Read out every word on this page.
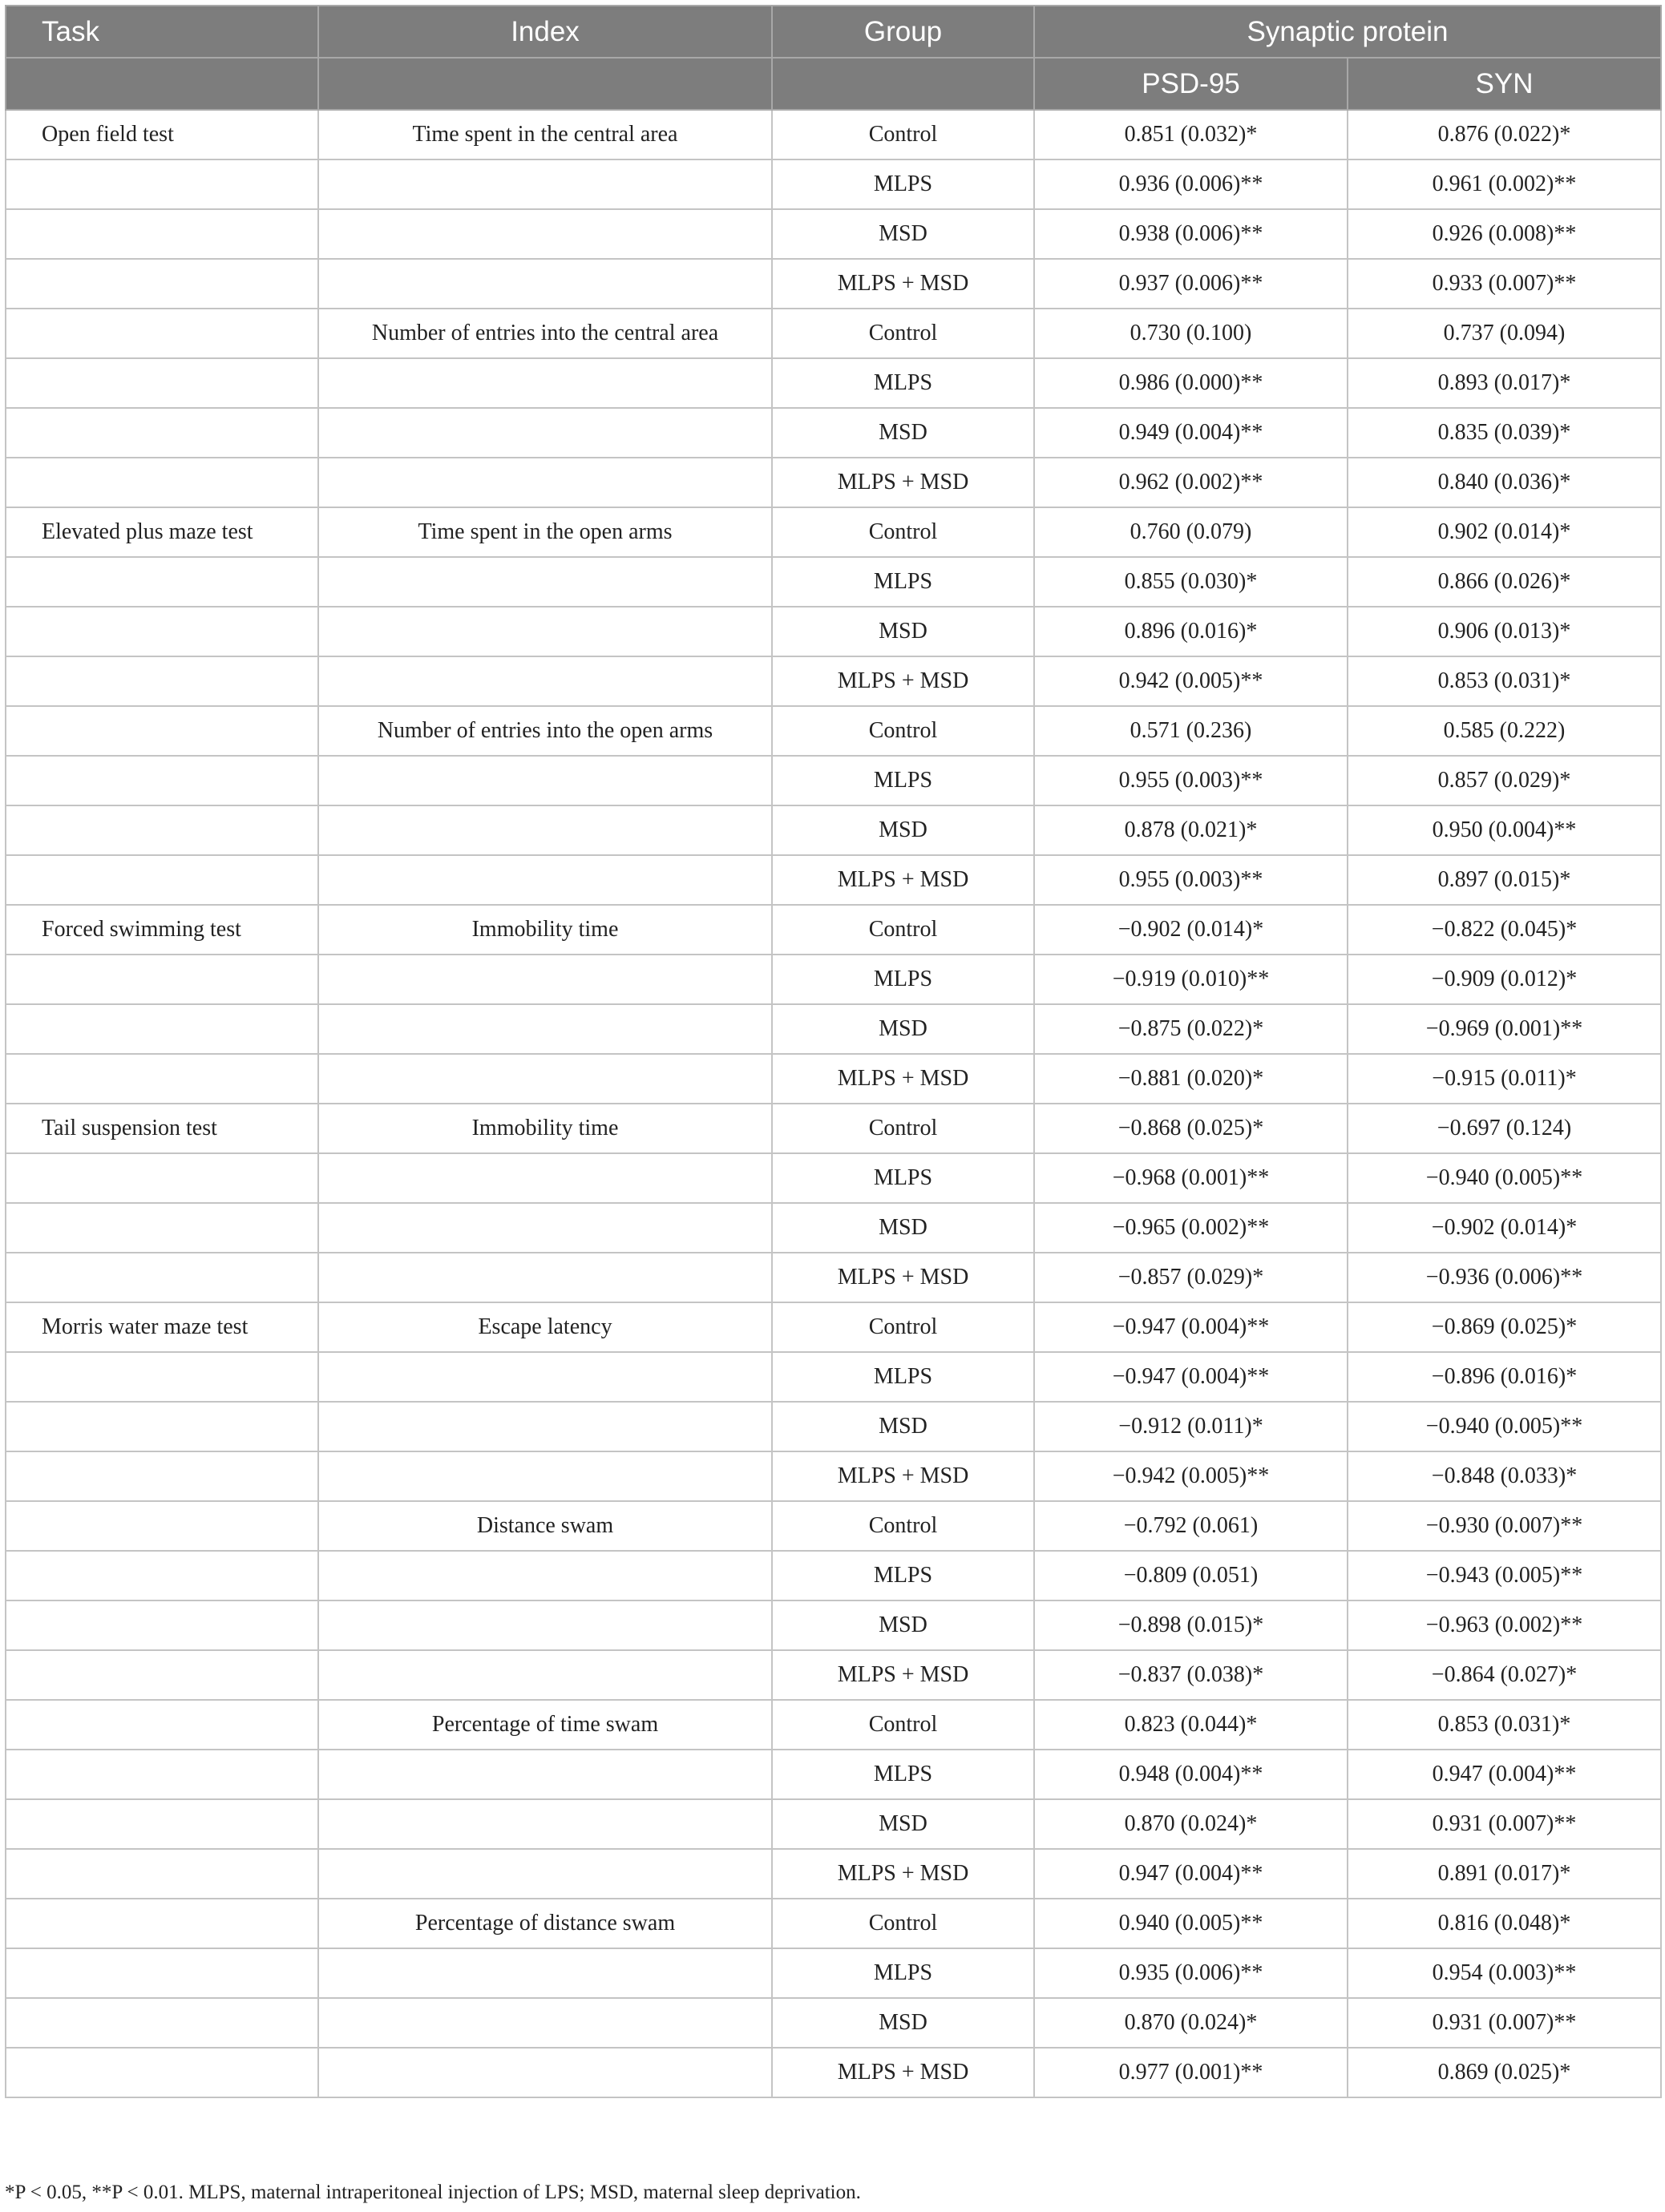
Task	Index	Group	Synaptic protein	
			PSD-95	SYN
Open field test	Time spent in the central area	Control	0.851 (0.032)*	0.876 (0.022)*
		MLPS	0.936 (0.006)**	0.961 (0.002)**
		MSD	0.938 (0.006)**	0.926 (0.008)**
		MLPS + MSD	0.937 (0.006)**	0.933 (0.007)**
	Number of entries into the central area	Control	0.730 (0.100)	0.737 (0.094)
		MLPS	0.986 (0.000)**	0.893 (0.017)*
		MSD	0.949 (0.004)**	0.835 (0.039)*
		MLPS + MSD	0.962 (0.002)**	0.840 (0.036)*
Elevated plus maze test	Time spent in the open arms	Control	0.760 (0.079)	0.902 (0.014)*
		MLPS	0.855 (0.030)*	0.866 (0.026)*
		MSD	0.896 (0.016)*	0.906 (0.013)*
		MLPS + MSD	0.942 (0.005)**	0.853 (0.031)*
	Number of entries into the open arms	Control	0.571 (0.236)	0.585 (0.222)
		MLPS	0.955 (0.003)**	0.857 (0.029)*
		MSD	0.878 (0.021)*	0.950 (0.004)**
		MLPS + MSD	0.955 (0.003)**	0.897 (0.015)*
Forced swimming test	Immobility time	Control	−0.902 (0.014)*	−0.822 (0.045)*
		MLPS	−0.919 (0.010)**	−0.909 (0.012)*
		MSD	−0.875 (0.022)*	−0.969 (0.001)**
		MLPS + MSD	−0.881 (0.020)*	−0.915 (0.011)*
Tail suspension test	Immobility time	Control	−0.868 (0.025)*	−0.697 (0.124)
		MLPS	−0.968 (0.001)**	−0.940 (0.005)**
		MSD	−0.965 (0.002)**	−0.902 (0.014)*
		MLPS + MSD	−0.857 (0.029)*	−0.936 (0.006)**
Morris water maze test	Escape latency	Control	−0.947 (0.004)**	−0.869 (0.025)*
		MLPS	−0.947 (0.004)**	−0.896 (0.016)*
		MSD	−0.912 (0.011)*	−0.940 (0.005)**
		MLPS + MSD	−0.942 (0.005)**	−0.848 (0.033)*
	Distance swam	Control	−0.792 (0.061)	−0.930 (0.007)**
		MLPS	−0.809 (0.051)	−0.943 (0.005)**
		MSD	−0.898 (0.015)*	−0.963 (0.002)**
		MLPS + MSD	−0.837 (0.038)*	−0.864 (0.027)*
	Percentage of time swam	Control	0.823 (0.044)*	0.853 (0.031)*
		MLPS	0.948 (0.004)**	0.947 (0.004)**
		MSD	0.870 (0.024)*	0.931 (0.007)**
		MLPS + MSD	0.947 (0.004)**	0.891 (0.017)*
	Percentage of distance swam	Control	0.940 (0.005)**	0.816 (0.048)*
		MLPS	0.935 (0.006)**	0.954 (0.003)**
		MSD	0.870 (0.024)*	0.931 (0.007)**
		MLPS + MSD	0.977 (0.001)**	0.869 (0.025)*
*P < 0.05, **P < 0.01. MLPS, maternal intraperitoneal injection of LPS; MSD, maternal sleep deprivation.
